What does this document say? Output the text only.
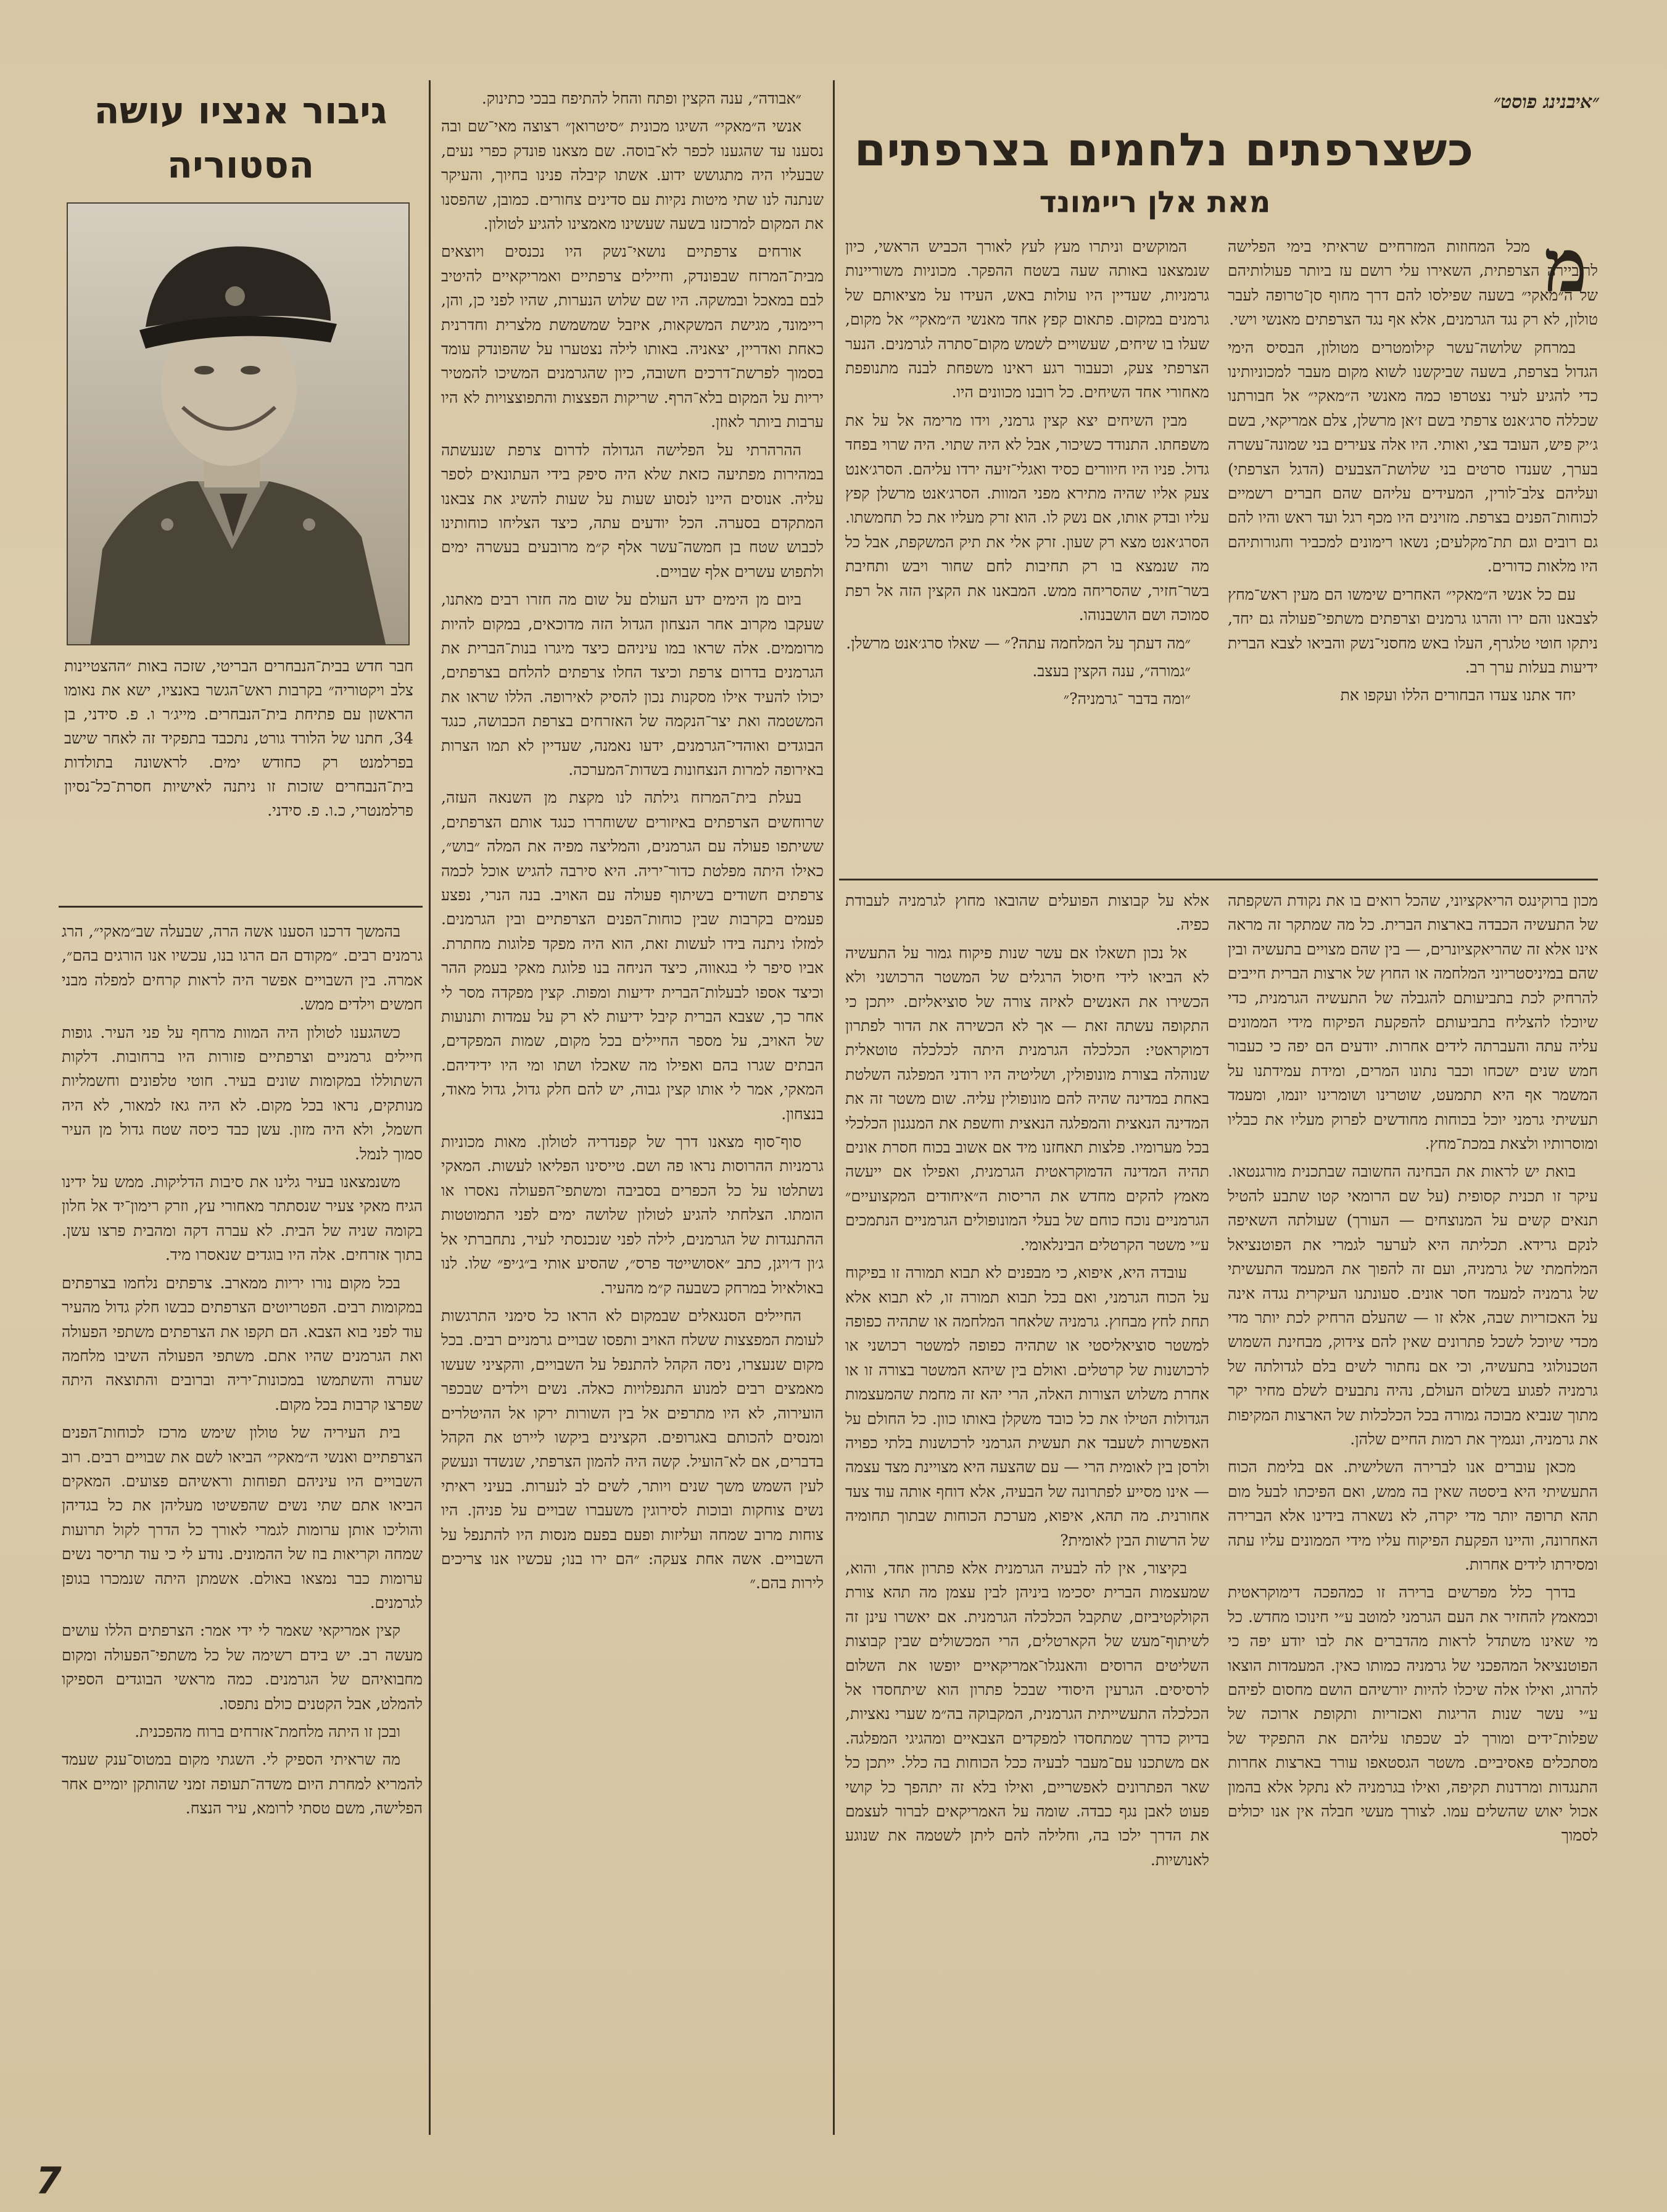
״איבנינג פוסט״
כשצרפתים נלחמים בצרפתים
מאת אלן ריימונד
מ
גיבור אנציו עושה הסטוריה
חבר חדש בבית־הנבחרים הבריטי, שזכה באות ״ההצטיינות צלב ויקטוריה״ בקרבות ראש־הגשר באנציו, ישא את נאומו הראשון עם פתיחת בית־הנבחרים. מייג׳ר ו. פ. סידני, בן 34, חתנו של הלורד גורט, נתכבד בתפקיד זה לאחר שישב בפרלמנט רק כחודש ימים. לראשונה בתולדות בית־הנבחרים שזכות זו ניתנה לאישיות חסרת־כל־נסיון פרלמנטרי, כ.ו. פ. סידני.

מכל המחוזות המזרחיים שראיתי בימי הפלישה לריביירה הצרפתית, השאירו עלי רושם עז ביותר פעולותיהם של ה״מאקי״ בשעה שפילסו להם דרך מחוף סן־טרופה לעבר טולון, לא רק נגד הגרמנים, אלא אף נגד הצרפתים מאנשי וישי.

במרחק שלושה־עשר קילומטרים מטולון, הבסיס הימי הגדול בצרפת, בשעה שביקשנו לשוא מקום מעבר למכוניותינו כדי להגיע לעיר נצטרפו כמה מאנשי ה״מאקי״ אל חבורתנו שכללה סרג׳אנט צרפתי בשם ז׳אן מרשלן, צלם אמריקאי, בשם ג׳יק פיש, העובד בצי, ואותי. היו אלה צעירים בני שמונה־עשרה בערך, שענדו סרטים בני שלושת־הצבעים (הדגל הצרפתי) ועליהם צלב־לורין, המעידים עליהם שהם חברים רשמיים לכוחות־הפנים בצרפת. מזוינים היו מכף רגל ועד ראש והיו להם גם רובים וגם תת־מקלעים; נשאו רימונים למכביר וחגורותיהם היו מלאות כדורים.

עם כל אנשי ה״מאקי״ האחרים שימשו הם מעין ראש־מחץ לצבאנו והם ירו והרגו גרמנים וצרפתים משתפי־פעולה גם יחד, ניתקו חוטי טלגרף, העלו באש מחסני־נשק והביאו לצבא הברית ידיעות בעלות ערך רב.

יחד אתנו צעדו הבחורים הללו ועקפו את

המוקשים וניתרו מעץ לעץ לאורך הכביש הראשי, כיון שנמצאנו באותה שעה בשטח ההפקר. מכוניות משוריינות גרמניות, שעדיין היו עולות באש, העידו על מציאותם של גרמנים במקום. פתאום קפץ אחד מאנשי ה״מאקי״ אל מקום, שעלו בו שיחים, שעשויים לשמש מקום־סתרה לגרמנים. הנער הצרפתי צעק, וכעבור רגע ראינו משפחת לבנה מתנופפת מאחורי אחד השיחים. כל רובנו מכוונים היו.

מבין השיחים יצא קצין גרמני, וידו מרימה אל על את משפחתו. התנודד כשיכור, אבל לא היה שתוי. היה שרוי בפחד גדול. פניו היו חיוורים כסיד ואגלי־זיעה ירדו עליהם. הסרג׳אנט צעק אליו שהיה מתירא מפני המוות. הסרג׳אנט מרשלן קפץ עליו ובדק אותו, אם נשק לו. הוא זרק מעליו את כל תחמשתו. הסרג׳אנט מצא רק שעון. זרק אלי את תיק המשקפת, אבל כל מה שנמצא בו רק תחיבות לחם שחור ויבש ותחיבת בשר־חזיר, שהסריחה ממש. המבאנו את הקצין הזה אל רפת סמוכה ושם הושבנוהו.

״מה דעתך על המלחמה עתה?״ — שאלו סרג׳אנט מרשלן.

״גמורה״, ענה הקצין בעצב.

״ומה בדבר ־גרמניה?״

״אבודה״, ענה הקצין ופתח והחל להתיפח בבכי כתינוק.

אנשי ה״מאקי״ השיגו מכונית ״סיטרואן״ רצוצה מאי־שם ובה נסענו עד שהגענו לכפר לא־בוסה. שם מצאנו פונדק כפרי נעים, שבעליו היה מתגושש ידוע. אשתו קיבלה פנינו בחיוך, והעיקר שנתנה לנו שתי מיטות נקיות עם סדינים צחורים. כמובן, שהפסנו את המקום למרכזנו בשעה שעשינו מאמצינו להגיע לטולון.

אורחים צרפתיים נושאי־נשק היו נכנסים ויוצאים מבית־המרזח שבפונדק, וחיילים צרפתיים ואמריקאיים להיטיב לבם במאכל ובמשקה. היו שם שלוש הנערות, שהיו לפני כן, והן, ריימונד, מגישת המשקאות, איזבל שמשמשת מלצרית וחדרנית כאחת ואדריין, יצאניה. באותו לילה נצטערו על שהפונדק עומד בסמוך לפרשת־דרכים חשובה, כיון שהגרמנים המשיכו להמטיר יריות על המקום בלא־הרף. שריקות הפצצות והתפוצצויות לא היו ערבות ביותר לאוזן.

ההרהרתי על הפלישה הגדולה לדרום צרפת שנעשתה במהירות מפתיעה כזאת שלא היה סיפק בידי העתונאים לספר עליה. אנוסים היינו לנסוע שעות על שעות להשיג את צבאנו המתקדם בסערה. הכל יודעים עתה, כיצד הצליחו כוחותינו לכבוש שטח בן חמשה־עשר אלף ק״מ מרובעים בעשרה ימים ולתפוש עשרים אלף שבויים.

ביום מן הימים ידע העולם על שום מה חזרו רבים מאתנו, שעקבו מקרוב אחר הנצחון הגדול הזה מדוכאים, במקום להיות מרוממים. אלה שראו במו עיניהם כיצד מיגרו בנות־הברית את הגרמנים בדרום צרפת וכיצד החלו צרפתים להלחם בצרפתים, יכולו להעיד אילו מסקנות נכון להסיק לאירופה. הללו שראו את המשטמה ואת יצר־הנקמה של האזרחים בצרפת הכבושה, כנגד הבוגדים ואוהדי־הגרמנים, ידעו נאמנה, שעדיין לא תמו הצרות באירופה למרות הנצחונות בשדות־המערכה.

בעלת בית־המרזח גילתה לנו מקצת מן השנאה העזה, שרוחשים הצרפתים באיזורים ששוחררו כנגד אותם הצרפתים, ששיתפו פעולה עם הגרמנים, והמליצה מפיה את המלה ״בוש״, כאילו היתה מפלטת כדור־יריה. היא סירבה להגיש אוכל לכמה צרפתים חשודים בשיתוף פעולה עם האויב. בנה הנרי, נפצע פעמים בקרבות שבין כוחות־הפנים הצרפתיים ובין הגרמנים. למזלו ניתנה בידו לעשות זאת, הוא היה מפקד פלוגות מחתרת. אביו סיפר לי בגאווה, כיצד הניחה בנו פלוגת מאקי בעמק ההר וכיצד אספו לבעלות־הברית ידיעות ומפות. קצין מפקדה מסר לי אחר כך, שצבא הברית קיבל ידיעות לא רק על עמדות ותנועות של האויב, על מספר החיילים בכל מקום, שמות המפקדים, הבתים שגרו בהם ואפילו מה שאכלו ושתו ומי היו ידידיהם. המאקי, אמר לי אותו קצין גבוה, יש להם חלק גדול, גדול מאוד, בנצחון.

סוף־סוף מצאנו דרך של קפנדריה לטולון. מאות מכוניות גרמניות ההרוסות נראו פה ושם. טייסינו הפליאו לעשות. המאקי נשתלטו על כל הכפרים בסביבה ומשתפי־הפעולה נאסרו או הומתו. הצלחתי להגיע לטולון שלושה ימים לפני התמוטטות ההתנגדות של הגרמנים, לילה לפני שנכנסתי לעיר, נתחברתי אל ג׳ון ד׳ויגן, כתב ״אסושייטד פרס״, שהסיע אותי ב״ג׳יפ״ שלו. לנו באולאיול במרחק כשבעה ק״מ מהעיר.

החיילים הסנגאלים שבמקום לא הראו כל סימני התרגשות לעומת המפצצות ששלח האויב ותפסו שבויים גרמניים רבים. בכל מקום שנעצרו, ניסה הקהל להתנפל על השבויים, והקציני שעשו מאמצים רבים למנוע התנפלויות כאלה. נשים וילדים שבכפר הועירוה, לא היו מתרפים אל בין השורות ירקו אל ההיטלרים ומנסים להכותם באגרופים. הקצינים ביקשו ליירט את הקהל בדברים, אם לא־הועיל. קשה היה להמון הצרפתי, שנשדד ונעשק לעין השמש משך שנים ויותר, לשים לב לנערות. בעיני ראיתי נשים צוחקות ובוכות לסירוגין משעברו שבויים על פניהן. היו צוחות מרוב שמחה ועליזות ופעם בפעם מנסות היו להתנפל על השבויים. אשה אחת צעקה: ״הם ירו בנו; עכשיו אנו צריכים לירות בהם.״

בהמשך דרכנו הסענו אשה הרה, שבעלה שב״מאקי״, הרג גרמנים רבים. ״מקודם הם הרגו בנו, עכשיו אנו הורגים בהם״, אמרה. בין השבויים אפשר היה לראות קרחים למפלה מבני חמשים וילדים ממש.

כשהגענו לטולון היה המוות מרחף על פני העיר. גופות חיילים גרמניים וצרפתיים פזורות היו ברחובות. דלקות השתוללו במקומות שונים בעיר. חוטי טלפונים וחשמליות מנותקים, נראו בכל מקום. לא היה גאז למאור, לא היה חשמל, ולא היה מזון. עשן כבד כיסה שטח גדול מן העיר סמוך לנמל.

משנמצאנו בעיר גלינו את סיבות הדליקות. ממש על ידינו הגיח מאקי צעיר שנסתתר מאחורי עץ, וזרק רימון־יד אל חלון בקומה שניה של הבית. לא עברה דקה ומהבית פרצו עשן. בתוך אזרחים. אלה היו בוגדים שנאסרו מיד.

בכל מקום נורו יריות ממארב. צרפתים נלחמו בצרפתים במקומות רבים. הפטריוטים הצרפתים כבשו חלק גדול מהעיר עוד לפני בוא הצבא. הם תקפו את הצרפתים משתפי הפעולה ואת הגרמנים שהיו אתם. משתפי הפעולה השיבו מלחמה שערה והשתמשו במכונות־יריה וברובים והתוצאה היתה שפרצו קרבות בכל מקום.

בית העיריה של טולון שימש מרכז לכוחות־הפנים הצרפתיים ואנשי ה״מאקי״ הביאו לשם את שבויים רבים. רוב השבויים היו עיניהם תפוחות וראשיהם פצועים. המאקים הביאו אתם שתי נשים שהפשיטו מעליהן את כל בגדיהן והוליכו אותן ערומות לגמרי לאורך כל הדרך לקול תרועות שמחה וקריאות בוז של ההמונים. נודע לי כי עוד תריסר נשים ערומות כבר נמצאו באולם. אשמתן היתה שנמכרו בגופן לגרמנים.

קצין אמריקאי שאמר לי ידי אמר: הצרפתים הללו עושים מעשה רב. יש בידם רשימה של כל משתפי־הפעולה ומקום מחבואיהם של הגרמנים. כמה מראשי הבוגדים הספיקו להמלט, אבל הקטנים כולם נתפסו.

ובכן זו היתה מלחמת־אזרחים ברוח מהפכנית.

מה שראיתי הספיק לי. השגתי מקום במטוס־ענק שעמד להמריא למחרת היום משדה־תעופה זמני שהותקן יומיים אחר הפלישה, משם טסתי לרומא, עיר הנצח.

מכון ברוקינגס הריאקציוני, שהכל רואים בו את נקודת השקפתה של התעשיה הכבדה בארצות הברית. כל מה שמתקר זה מראה אינו אלא זה שהריאקציונרים, — בין שהם מצויים בתעשיה ובין שהם במיניסטריוני המלחמה או החוץ של ארצות הברית חייבים להרחיק לכת בתביעותם להגבלה של התעשיה הגרמנית, כדי שיוכלו להצליח בתביעותם להפקעת הפיקוח מידי הממונים עליה עתה והעברתה לידים אחרות. יודעים הם יפה כי כעבור חמש שנים ישכחו וכבר נתונו המרים, ומידת עמידתנו על המשמר אף היא תתמעט, שוטרינו ושומרינו יונמו, ומעמד תעשיתי גרמני יוכל בכוחות מחודשים לפרוק מעליו את כבליו ומוסרותיו ולצאת במכת־מחץ.

בואת יש לראות את הבחינה החשובה שבתכנית מורגנטאו. עיקר זו תכנית קסופית (על שם הרומאי קטו שתבע להטיל תנאים קשים על המנוצחים — העורך) שעולתה השאיפה לנקם גרידא. תכליתה היא לערער לגמרי את הפוטנציאל המלחמתי של גרמניה, ועם זה להפוך את המעמד התעשיתי של גרמניה למעמד חסר אונים. סעונתנו העיקרית נגדה אינה על האכזריות שבה, אלא זו — שהעלם הרחיק לכת יותר מדי מכדי שיוכל לשכל פתרונים שאין להם צידוק, מבחינת השמוש הטכנולוגי בתעשיה, וכי אם נחתור לשים בלם לגדולתה של גרמניה לפגוע בשלום העולם, נהיה נתבעים לשלם מחיר יקר מתוך שנביא מבוכה גמורה בכל הכלכלות של הארצות המקיפות את גרמניה, ונגמיך את רמות החיים שלהן.

מכאן עוברים אנו לברירה השלישית. אם בלימת הכוח התעשיתי היא ביסטה שאין בה ממש, ואם הפיכתו לבעל מום תהא תרופה יותר מדי יקרה, לא נשארה בידינו אלא הברירה האחרונה, והיינו הפקעת הפיקוח עליו מידי הממונים עליו עתה ומסירתו לידים אחרות.

בדרך כלל מפרשים ברירה זו כמהפכה דימוקראטית וכמאמץ להחזיר את העם הגרמני למוטב ע״י חינוכו מחדש. כל מי שאינו משתדל לראות מהדברים את לבו יודע יפה כי הפוטנציאל המהפכני של גרמניה כמותו כאין. המעמדות הוצאו להרוג, ואילו אלה שיכלו להיות יורשיהם הושם מחסום לפיהם ע״י עשר שנות הריגות ואכזריות ותקופת ארוכה של שפלות־ידים ומורך לב שכפתו עליהם את התפקיד של מסתכלים פאסיביים. משטר הגסטאפו עורר בארצות אחרות התנגדות ומרדנות תקיפה, ואילו בגרמניה לא נתקל אלא בהמון אכול יאוש שהשלים עמו. לצורך מעשי חבלה אין אנו יכולים לסמוך

אלא על קבוצות הפועלים שהובאו מחוץ לגרמניה לעבודת כפיה.

אל נכון תשאלו אם עשר שנות פיקוח גמור על התעשיה לא הביאו לידי חיסול הרגלים של המשטר הרכושני ולא הכשירו את האנשים לאיזה צורה של סוציאליזם. ייתכן כי התקופה עשתה זאת — אך לא הכשירה את הדור לפתרון דמוקראטי: הכלכלה הגרמנית היתה לכלכלה טוטאלית שנוהלה בצורת מונופולין, ושליטיה היו רודני המפלגה השלטת באחת במדינה שהיה להם מונופולין עליה. שום משטר זה את המדינה הנאצית והמפלגה הנאצית וחשפת את המנגנון הכלכלי בכל מערומיו. פלצות תאחזנו מיד אם אשוב בכוח חסרת אונים תהיה המדינה הדמוקראטית הגרמנית, ואפילו אם ייעשה מאמץ להקים מחדש את הריסות ה״איחודים המקצועיים״ הגרמניים נוכח כוחם של בעלי המונופולים הגרמניים הנתמכים ע״י משטר הקרטלים הבינלאומי.

עובדה היא, איפוא, כי מבפנים לא תבוא תמורה זו בפיקוח על הכוח הגרמני, ואם בכל תבוא תמורה זו, לא תבוא אלא תחת לחץ מבחוץ. גרמניה שלאחר המלחמה או שתהיה כפופה למשטר סוציאליסטי או שתהיה כפופה למשטר רכושני או לרכושנות של קרטלים. ואולם בין שיהא המשטר בצורה זו או אחרת משלוש הצורות האלה, הרי יהא זה מחמת שהמעצמות הגדולות הטילו את כל כובד משקלן באותו כוון. כל החולם על האפשרות לשעבד את תעשית הגרמני לרכושנות בלתי כפויה ולרסן בין לאומית הרי — עם שהצעה היא מצויינת מצד עצמה — אינו מסייע לפתרונה של הבעיה, אלא דוחף אותה עוד צעד אחורנית. מה תהא, איפוא, מערכת הכוחות שבתוך תחומיה של הרשות הבין לאומית?

בקיצור, אין לה לבעיה הגרמנית אלא פתרון אחד, והוא, שמעצמות הברית יסכימו ביניהן לבין עצמן מה תהא צורת הקולקטיביזם, שתקבל הכלכלה הגרמנית. אם יאשרו עינן זה לשיתוף־מעש של הקארטלים, הרי המכשולים שבין קבוצות השליטים הרוסים והאנגלו־אמריקאיים יופשו את השלום לרסיסים. הגרעין היסודי שבכל פתרון הוא שיתחסדו אל הכלכלה התעשייתית הגרמנית, המקבוקה בה״מ שערי נאציות, בדיוק כדרך שמתחסדו למפקדים הצבאיים ומהגיגי המפלגה. אם משתכנו עם־מעבר לבעיה ככל הכוחות בה כלל. ייתכן כל שאר הפתרונים לאפשריים, ואילו בלא זה יתהפך כל קושי פעוט לאבן נגף כבדה. שומה על האמריקאים לברור לעצמם את הדרך ילכו בה, וחלילה להם ליתן לשטמה את שנוגע לאנושיות.

7
